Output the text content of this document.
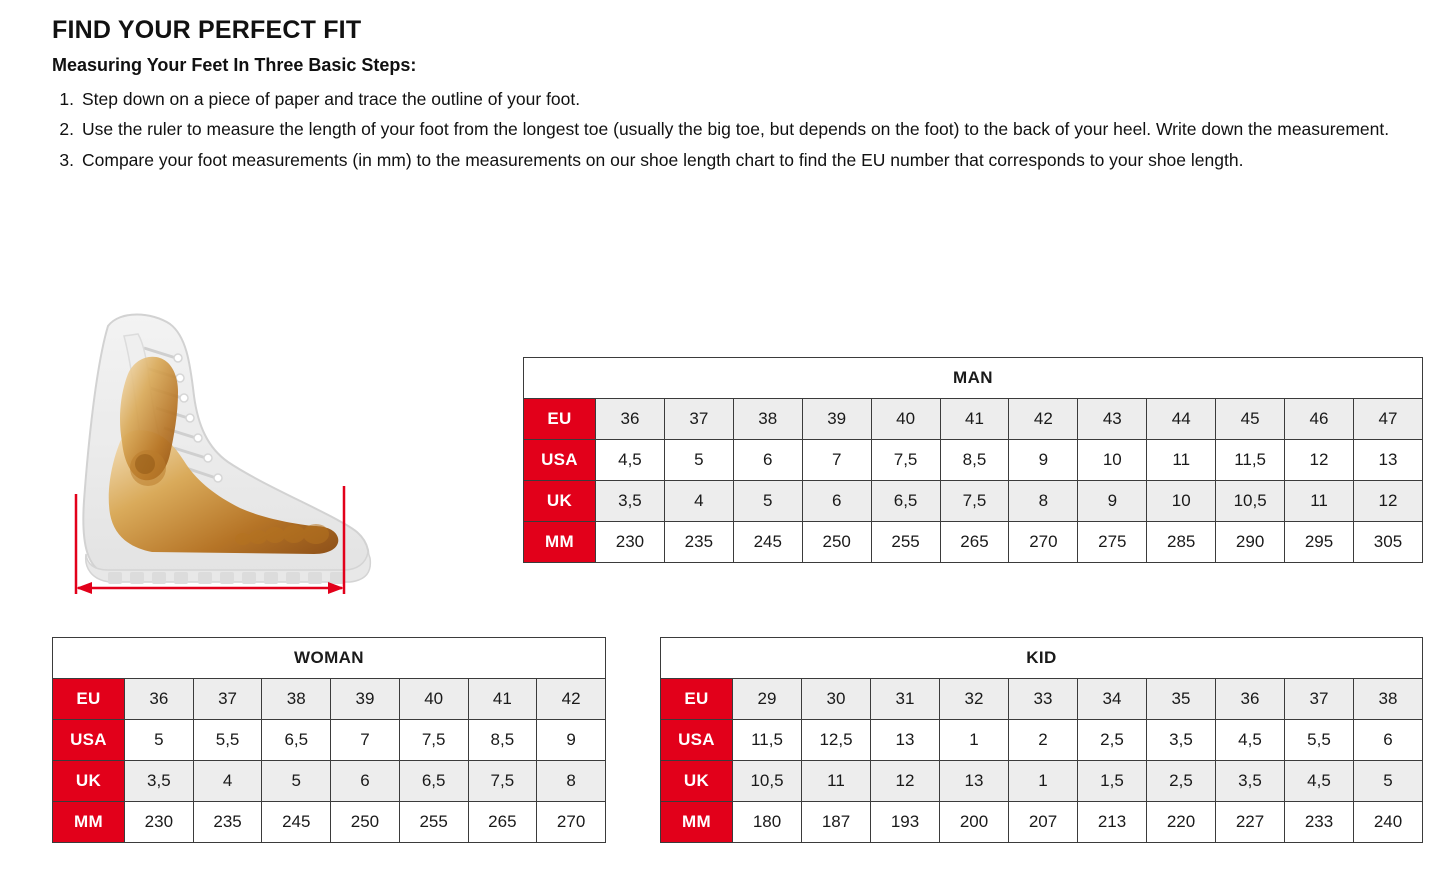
FIND YOUR PERFECT FIT
Measuring Your Feet In Three Basic Steps:
1. Step down on a piece of paper and trace the outline of your foot.
2. Use the ruler to measure the length of your foot from the longest toe (usually the big toe, but depends on the foot) to the back of your heel. Write down the measurement.
3. Compare your foot measurements (in mm) to the measurements on our shoe length chart to find the EU number that corresponds to your shoe length.
MAN												
EU	36	37	38	39	40	41	42	43	44	45	46	47
USA	4,5	5	6	7	7,5	8,5	9	10	11	11,5	12	13
UK	3,5	4	5	6	6,5	7,5	8	9	10	10,5	11	12
MM	230	235	245	250	255	265	270	275	285	290	295	305
WOMAN							
EU	36	37	38	39	40	41	42
USA	5	5,5	6,5	7	7,5	8,5	9
UK	3,5	4	5	6	6,5	7,5	8
MM	230	235	245	250	255	265	270
KID										
EU	29	30	31	32	33	34	35	36	37	38
USA	11,5	12,5	13	1	2	2,5	3,5	4,5	5,5	6
UK	10,5	11	12	13	1	1,5	2,5	3,5	4,5	5
MM	180	187	193	200	207	213	220	227	233	240
